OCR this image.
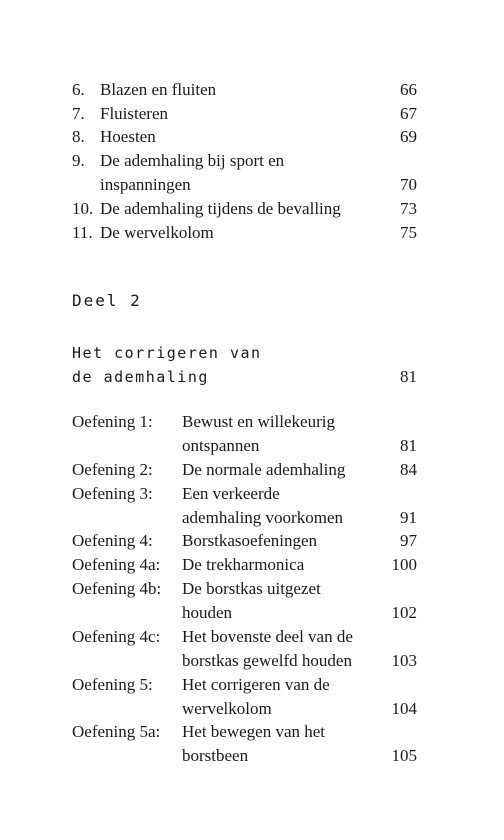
6. Blazen en fluiten	66
7. Fluisteren	67
8. Hoesten	69
9. De ademhaling bij sport en
inspanningen	70
10. De ademhaling tijdens de bevalling	73
11. De wervelkolom	75
Deel 2
Het corrigeren van
de ademhaling	81
Oefening 1: Bewust en willekeurig
ontspannen	81
Oefening 2: De normale ademhaling	84
Oefening 3: Een verkeerde
ademhaling voorkomen	91
Oefening 4: Borstkasoefeningen	97
Oefening 4a: De trekharmonica	100
Oefening 4b: De borstkas uitgezet
houden	102
Oefening 4c: Het bovenste deel van de
borstkas gewelfd houden 103
Oefening 5: Het corrigeren van de
wervelkolom	104
Oefening 5a: Het bewegen van het
borstbeen	105
